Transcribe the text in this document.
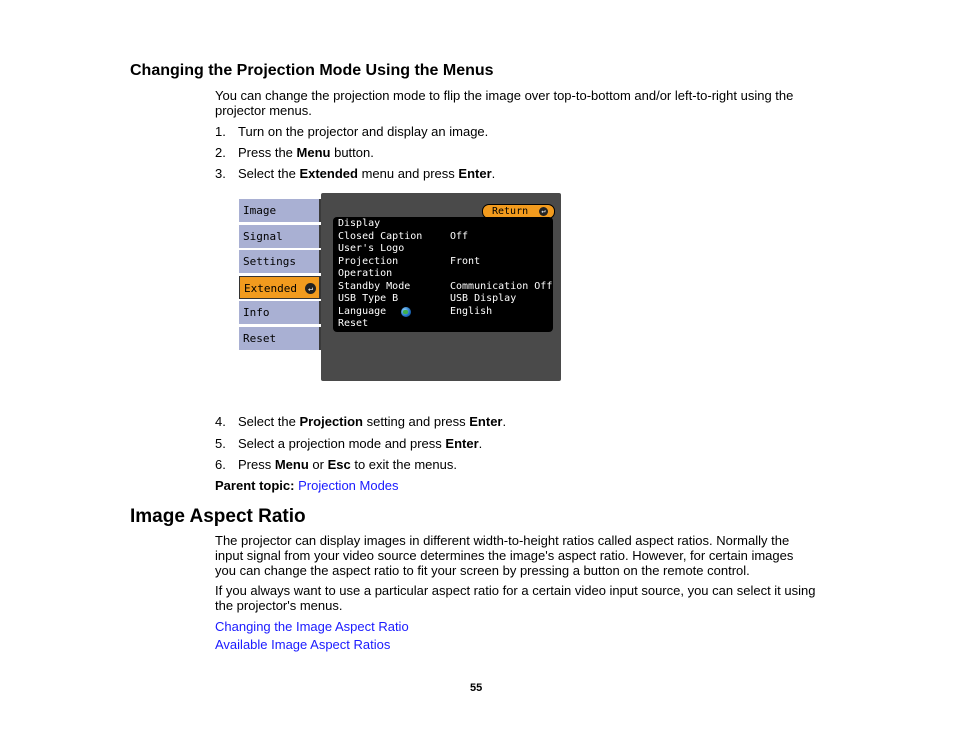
Changing the Projection Mode Using the Menus
You can change the projection mode to flip the image over top-to-bottom and/or left-to-right using the
projector menus.
1. Turn on the projector and display an image.
2. Press the Menu button.
3. Select the Extended menu and press Enter.
Image
Signal
Settings
Extended	↵
Info
Reset
Return	↵
Display
Closed Caption	Off
User's Logo
Projection	Front
Operation
Standby Mode	Communication Off
USB Type B	USB Display
Language	English
Reset
4. Select the Projection setting and press Enter.
5. Select a projection mode and press Enter.
6. Press Menu or Esc to exit the menus.
Parent topic: Projection Modes
Image Aspect Ratio
The projector can display images in different width-to-height ratios called aspect ratios. Normally the
input signal from your video source determines the image's aspect ratio. However, for certain images
you can change the aspect ratio to fit your screen by pressing a button on the remote control.
If you always want to use a particular aspect ratio for a certain video input source, you can select it using
the projector's menus.
Changing the Image Aspect Ratio
Available Image Aspect Ratios
55
